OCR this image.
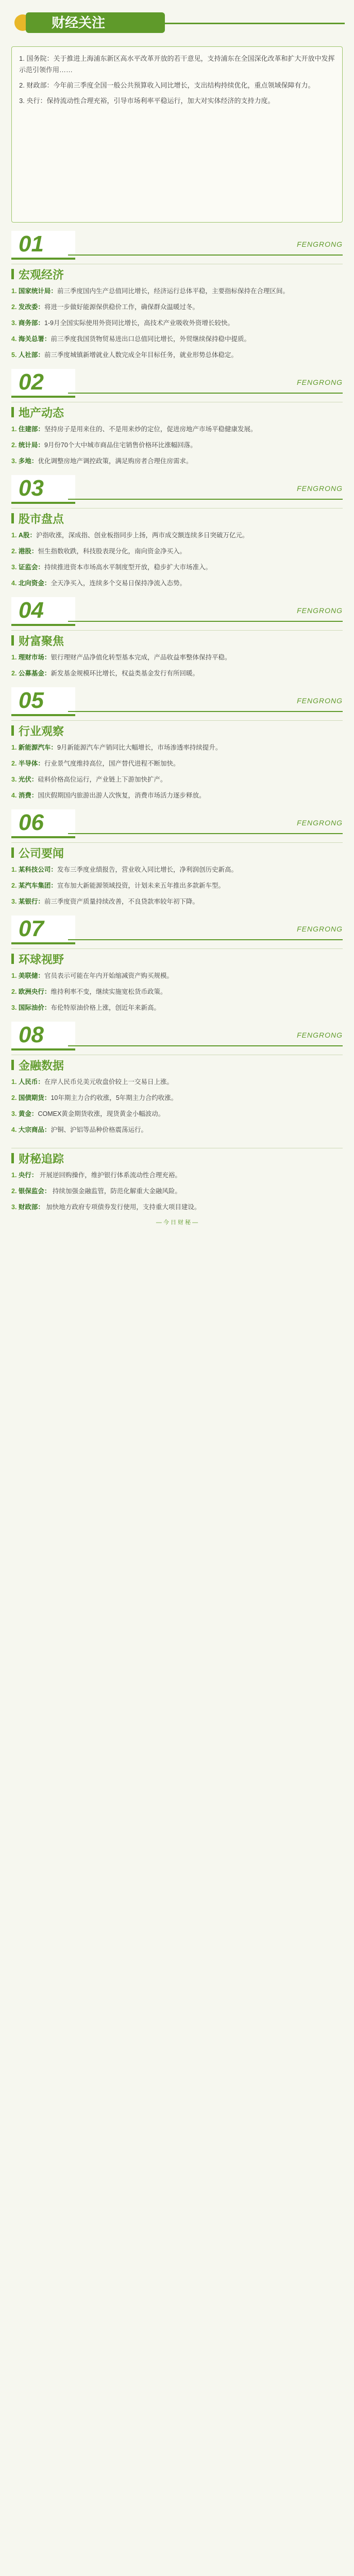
财经关注

1. 国务院：关于推进上海浦东新区高水平改革开放的若干意见，支持浦东在全国深化改革和扩大开放中发挥示范引领作用……

2. 财政部：今年前三季度全国一般公共预算收入同比增长，支出结构持续优化，重点领域保障有力。

3. 央行：保持流动性合理充裕，引导市场利率平稳运行，加大对实体经济的支持力度。

01	FENGRONG
宏观经济
1. 国家统计局：前三季度国内生产总值同比增长，经济运行总体平稳，主要指标保持在合理区间。
2. 发改委：将进一步做好能源保供稳价工作，确保群众温暖过冬。
3. 商务部：1-9月全国实际使用外资同比增长，高技术产业吸收外资增长较快。
4. 海关总署：前三季度我国货物贸易进出口总值同比增长，外贸继续保持稳中提质。
5. 人社部：前三季度城镇新增就业人数完成全年目标任务，就业形势总体稳定。
02	FENGRONG
地产动态
1. 住建部：坚持房子是用来住的、不是用来炒的定位，促进房地产市场平稳健康发展。
2. 统计局：9月份70个大中城市商品住宅销售价格环比涨幅回落。
3. 多地：优化调整房地产调控政策，满足购房者合理住房需求。
03	FENGRONG
股市盘点
1. A股：沪指收涨，深成指、创业板指同步上扬，两市成交额连续多日突破万亿元。
2. 港股：恒生指数收跌，科技股表现分化，南向资金净买入。
3. 证监会：持续推进资本市场高水平制度型开放，稳步扩大市场准入。
4. 北向资金：全天净买入，连续多个交易日保持净流入态势。
04	FENGRONG
财富聚焦
1. 理财市场：银行理财产品净值化转型基本完成，产品收益率整体保持平稳。
2. 公募基金：新发基金规模环比增长，权益类基金发行有所回暖。
05	FENGRONG
行业观察
1. 新能源汽车：9月新能源汽车产销同比大幅增长，市场渗透率持续提升。
2. 半导体：行业景气度维持高位，国产替代进程不断加快。
3. 光伏：硅料价格高位运行，产业链上下游加快扩产。
4. 消费：国庆假期国内旅游出游人次恢复，消费市场活力逐步释放。
06	FENGRONG
公司要闻
1. 某科技公司：发布三季度业绩报告，营业收入同比增长，净利润创历史新高。
2. 某汽车集团：宣布加大新能源领域投资，计划未来五年推出多款新车型。
3. 某银行：前三季度资产质量持续改善，不良贷款率较年初下降。
07	FENGRONG
环球视野
1. 美联储：官员表示可能在年内开始缩减资产购买规模。
2. 欧洲央行：维持利率不变，继续实施宽松货币政策。
3. 国际油价：布伦特原油价格上涨，创近年来新高。
08	FENGRONG
金融数据
1. 人民币：在岸人民币兑美元收盘价较上一交易日上涨。
2. 国债期货：10年期主力合约收涨，5年期主力合约收涨。
3. 黄金：COMEX黄金期货收涨，现货黄金小幅波动。
4. 大宗商品：沪铜、沪铝等品种价格震荡运行。
财秘追踪
1. 央行： 开展逆回购操作，维护银行体系流动性合理充裕。
2. 银保监会： 持续加强金融监管，防范化解重大金融风险。
3. 财政部： 加快地方政府专项债券发行使用，支持重大项目建设。
— 今 日 财 秘 —
